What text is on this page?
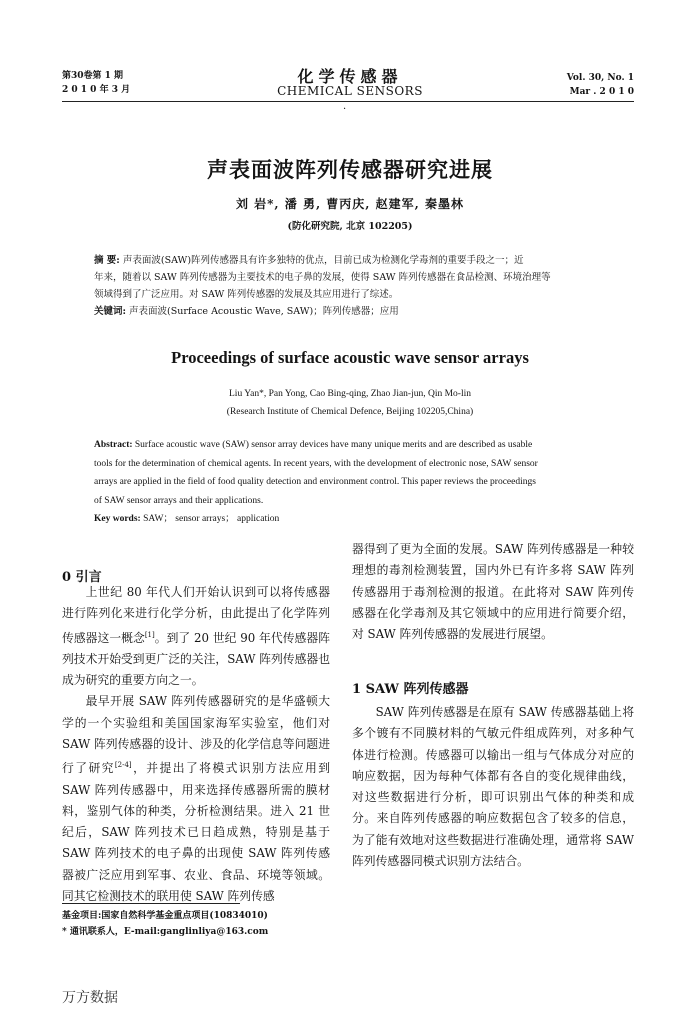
第30卷第 1 期
2 0 1 0 年 3 月
化学传感器
CHEMICAL SENSORS
Vol. 30, No. 1
Mar . 2 0 1 0
·
声表面波阵列传感器研究进展
刘 岩*, 潘 勇, 曹丙庆, 赵建军, 秦墨林
(防化研究院, 北京 102205)
摘 要: 声表面波(SAW)阵列传感器具有许多独特的优点，目前已成为检测化学毒剂的重要手段之一；近
年来，随着以 SAW 阵列传感器为主要技术的电子鼻的发展，使得 SAW 阵列传感器在食品检测、环境治理等
领域得到了广泛应用。对 SAW 阵列传感器的发展及其应用进行了综述。
关键词: 声表面波(Surface Acoustic Wave, SAW)；阵列传感器；应用
Proceedings of surface acoustic wave sensor arrays
Liu Yan*, Pan Yong, Cao Bing-qing, Zhao Jian-jun, Qin Mo-lin
(Research Institute of Chemical Defence, Beijing 102205,China)
Abstract: Surface acoustic wave (SAW) sensor array devices have many unique merits and are described as usable
tools for the determination of chemical agents. In recent years, with the development of electronic nose, SAW sensor
arrays are applied in the field of food quality detection and environment control. This paper reviews the proceedings
of SAW sensor arrays and their applications.
Key words: SAW； sensor arrays； application
0 引言

上世纪 80 年代人们开始认识到可以将传感器进行阵列化来进行化学分析，由此提出了化学阵列传感器这一概念[1]。到了 20 世纪 90 年代传感器阵列技术开始受到更广泛的关注，SAW 阵列传感器也成为研究的重要方向之一。

最早开展 SAW 阵列传感器研究的是华盛顿大学的一个实验组和美国国家海军实验室，他们对 SAW 阵列传感器的设计、涉及的化学信息等问题进行了研究[2-4]，并提出了将模式识别方法应用到 SAW 阵列传感器中，用来选择传感器所需的膜材料，鉴别气体的种类，分析检测结果。进入 21 世纪后，SAW 阵列技术已日趋成熟，特别是基于 SAW 阵列技术的电子鼻的出现使 SAW 阵列传感器被广泛应用到军事、农业、食品、环境等领域。同其它检测技术的联用使 SAW 阵列传感

器得到了更为全面的发展。SAW 阵列传感器是一种较理想的毒剂检测装置，国内外已有许多将 SAW 阵列传感器用于毒剂检测的报道。在此将对 SAW 阵列传感器在化学毒剂及其它领域中的应用进行简要介绍，对 SAW 阵列传感器的发展进行展望。

1 SAW 阵列传感器

SAW 阵列传感器是在原有 SAW 传感器基础上将多个镀有不同膜材料的气敏元件组成阵列，对多种气体进行检测。传感器可以输出一组与气体成分对应的响应数据，因为每种气体都有各自的变化规律曲线，对这些数据进行分析，即可识别出气体的种类和成分。来自阵列传感器的响应数据包含了较多的信息，为了能有效地对这些数据进行准确处理，通常将 SAW 阵列传感器同模式识别方法结合。

基金项目:国家自然科学基金重点项目(10834010)
* 通讯联系人，E-mail:ganglinliya@163.com
万方数据
